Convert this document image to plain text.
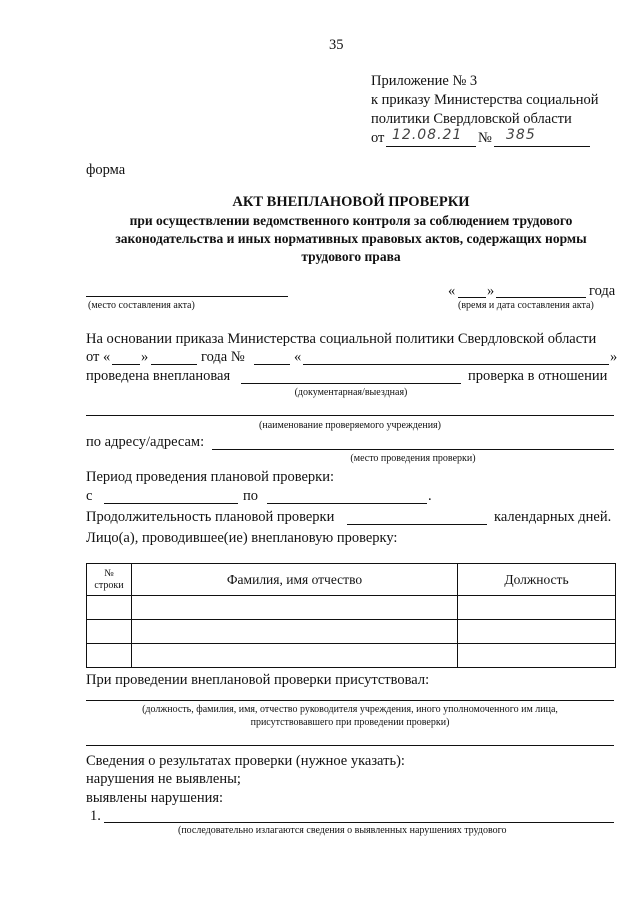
35
Приложение № 3
к приказу Министерства социальной
политики Свердловской области
от 12.08.21 № 385
форма
АКТ ВНЕПЛАНОВОЙ ПРОВЕРКИ
при осуществлении ведомственного контроля за соблюдением трудового
законодательства и иных нормативных правовых актов, содержащих нормы
трудового права
(место составления акта)
« »	года
(время и дата составления акта)
На основании приказа Министерства социальной политики Свердловской области
от « »	года №	«	»
проведена внеплановая	проверка в отношении
(документарная/выездная)
(наименование проверяемого учреждения)
по адресу/адресам:
(место проведения проверки)
Период проведения плановой проверки:
с	по	.
Продолжительность плановой проверки	календарных дней.
Лицо(а), проводившее(ие) внеплановую проверку:
№
строки	Фамилия, имя отчество	Должность

При проведении внеплановой проверки присутствовал:
(должность, фамилия, имя, отчество руководителя учреждения, иного уполномоченного им лица,
присутствовавшего при проведении проверки)
Сведения о результатах проверки (нужное указать):
нарушения не выявлены;
выявлены нарушения:
1.
(последовательно излагаются сведения о выявленных нарушениях трудового
